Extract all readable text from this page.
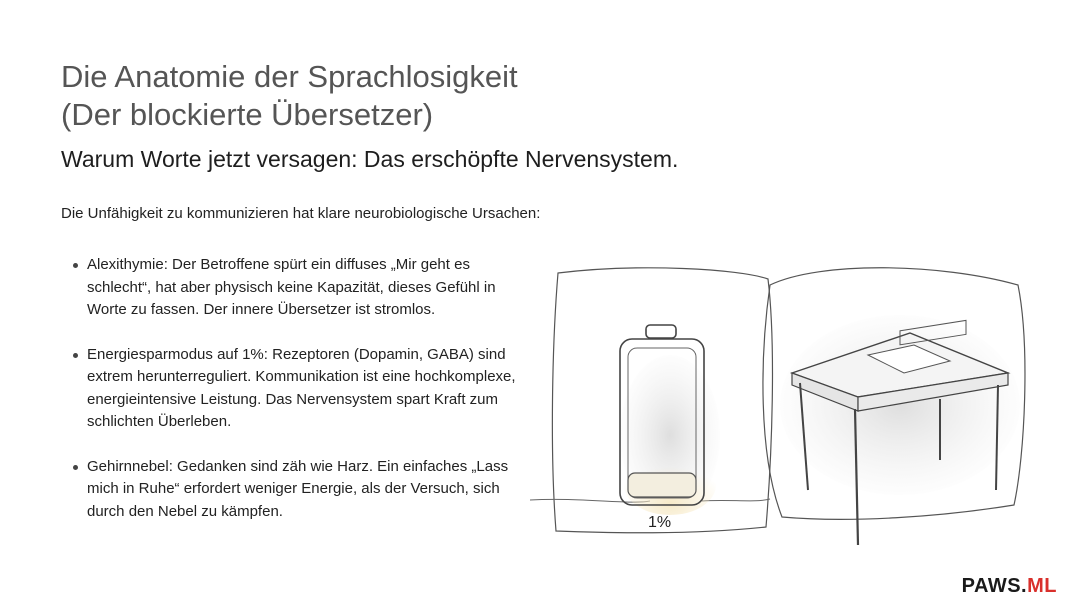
Die Anatomie der Sprachlosigkeit
(Der blockierte Übersetzer)
Warum Worte jetzt versagen: Das erschöpfte Nervensystem.

Die Unfähigkeit zu kommunizieren hat klare neurobiologische Ursachen:

Alexithymie: Der Betroffene spürt ein diffuses „Mir geht es schlecht“, hat aber physisch keine Kapazität, dieses Gefühl in Worte zu fassen. Der innere Übersetzer ist stromlos.
Energiesparmodus auf 1%: Rezeptoren (Dopamin, GABA) sind extrem herunterreguliert. Kommunikation ist eine hochkomplexe, energieintensive Leistung. Das Nervensystem spart Kraft zum schlichten Überleben.
Gehirnnebel: Gedanken sind zäh wie Harz. Ein einfaches „Lass mich in Ruhe“ erfordert weniger Energie, als der Versuch, sich durch den Nebel zu kämpfen.
1%
PAWS.ML
